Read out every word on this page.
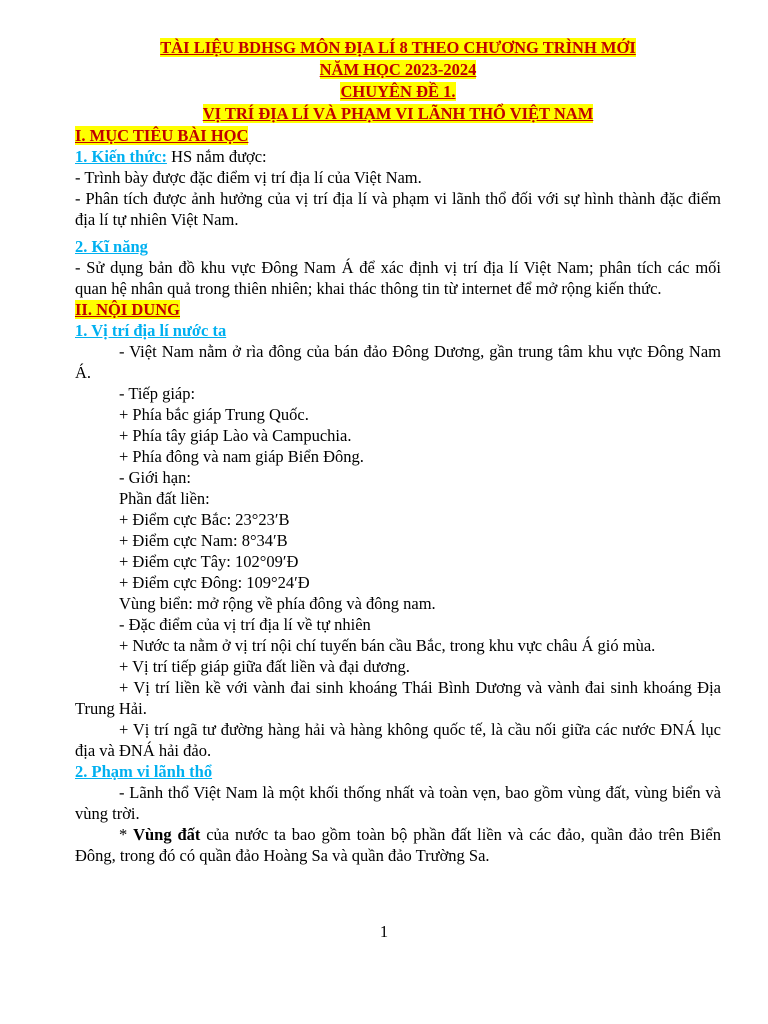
TÀI LIỆU BDHSG MÔN ĐỊA LÍ 8 THEO CHƯƠNG TRÌNH MỚI
NĂM HỌC 2023-2024
CHUYÊN ĐỀ 1.
VỊ TRÍ ĐỊA LÍ VÀ PHẠM VI LÃNH THỔ VIỆT NAM
I. MỤC TIÊU BÀI HỌC

1. Kiến thức: HS nắm được:

- Trình bày được đặc điểm vị trí địa lí của Việt Nam.

- Phân tích được ảnh hưởng của vị trí địa lí và phạm vi lãnh thổ đối với sự hình thành đặc điểm địa lí tự nhiên Việt Nam.

2. Kĩ năng

- Sử dụng bản đồ khu vực Đông Nam Á để xác định vị trí địa lí Việt Nam; phân tích các mối quan hệ nhân quả trong thiên nhiên; khai thác thông tin từ internet để mở rộng kiến thức.

II. NỘI DUNG

1. Vị trí địa lí nước ta

- Việt Nam nằm ở rìa đông của bán đảo Đông Dương, gần trung tâm khu vực Đông Nam Á.

- Tiếp giáp:

+ Phía bắc giáp Trung Quốc.

+ Phía tây giáp Lào và Campuchia.

+ Phía đông và nam giáp Biển Đông.

- Giới hạn:

Phần đất liền:

+ Điểm cực Bắc: 23°23′B

+ Điểm cực Nam: 8°34′B

+ Điểm cực Tây: 102°09′Đ

+ Điểm cực Đông: 109°24′Đ

Vùng biển: mở rộng về phía đông và đông nam.

- Đặc điểm của vị trí địa lí về tự nhiên

+ Nước ta nằm ở vị trí nội chí tuyến bán cầu Bắc, trong khu vực châu Á gió mùa.

+ Vị trí tiếp giáp giữa đất liền và đại dương.

+ Vị trí liền kề với vành đai sinh khoáng Thái Bình Dương và vành đai sinh khoáng Địa Trung Hải.

+ Vị trí ngã tư đường hàng hải và hàng không quốc tế, là cầu nối giữa các nước ĐNÁ lục địa và ĐNÁ hải đảo.

2. Phạm vi lãnh thổ

- Lãnh thổ Việt Nam là một khối thống nhất và toàn vẹn, bao gồm vùng đất, vùng biển và vùng trời.

* Vùng đất của nước ta bao gồm toàn bộ phần đất liền và các đảo, quần đảo trên Biển Đông, trong đó có quần đảo Hoàng Sa và quần đảo Trường Sa.

1
